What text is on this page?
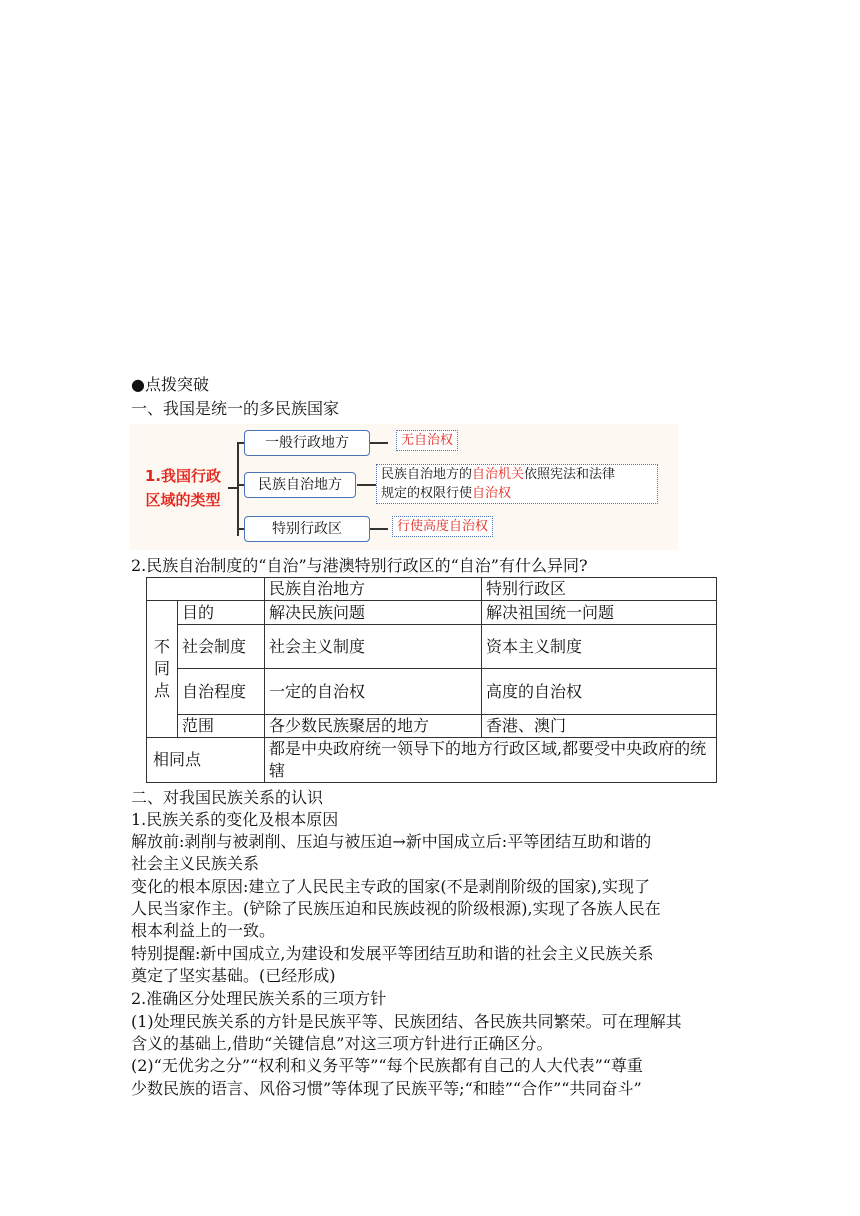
● 点拨突破
一、我国是统一的多民族国家
1.我国行政
区域的类型
一般行政地方	无自治权
民族自治地方
民族自治地方的自治机关依照宪法和法律
规定的权限行使自治权
特别行政区	行使高度自治权
2.民族自治制度的“自治”与港澳特别行政区的“自治”有什么异同?
		民族自治地方	特别行政区
不同点	目的	解决民族问题	解决祖国统一问题
	社会制度	社会主义制度	资本主义制度
	自治程度	一定的自治权	高度的自治权
	范围	各少数民族聚居的地方	香港、澳门
相同点		都是中央政府统一领导下的地方行政区域,都要受中央政府的统辖	
二、对我国民族关系的认识
1.民族关系的变化及根本原因
解放前:剥削与被剥削、压迫与被压迫→新中国成立后:平等团结互助和谐的
社会主义民族关系
变化的根本原因:建立了人民民主专政的国家(不是剥削阶级的国家),实现了
人民当家作主。(铲除了民族压迫和民族歧视的阶级根源),实现了各族人民在
根本利益上的一致。
特别提醒:新中国成立,为建设和发展平等团结互助和谐的社会主义民族关系
奠定了坚实基础。(已经形成)
2.准确区分处理民族关系的三项方针
(1)处理民族关系的方针是民族平等、民族团结、各民族共同繁荣。可在理解其
含义的基础上,借助“关键信息”对这三项方针进行正确区分。
(2)“无优劣之分”“权利和义务平等”“每个民族都有自己的人大代表”“尊重
少数民族的语言、风俗习惯”等体现了民族平等;“和睦”“合作”“共同奋斗”
